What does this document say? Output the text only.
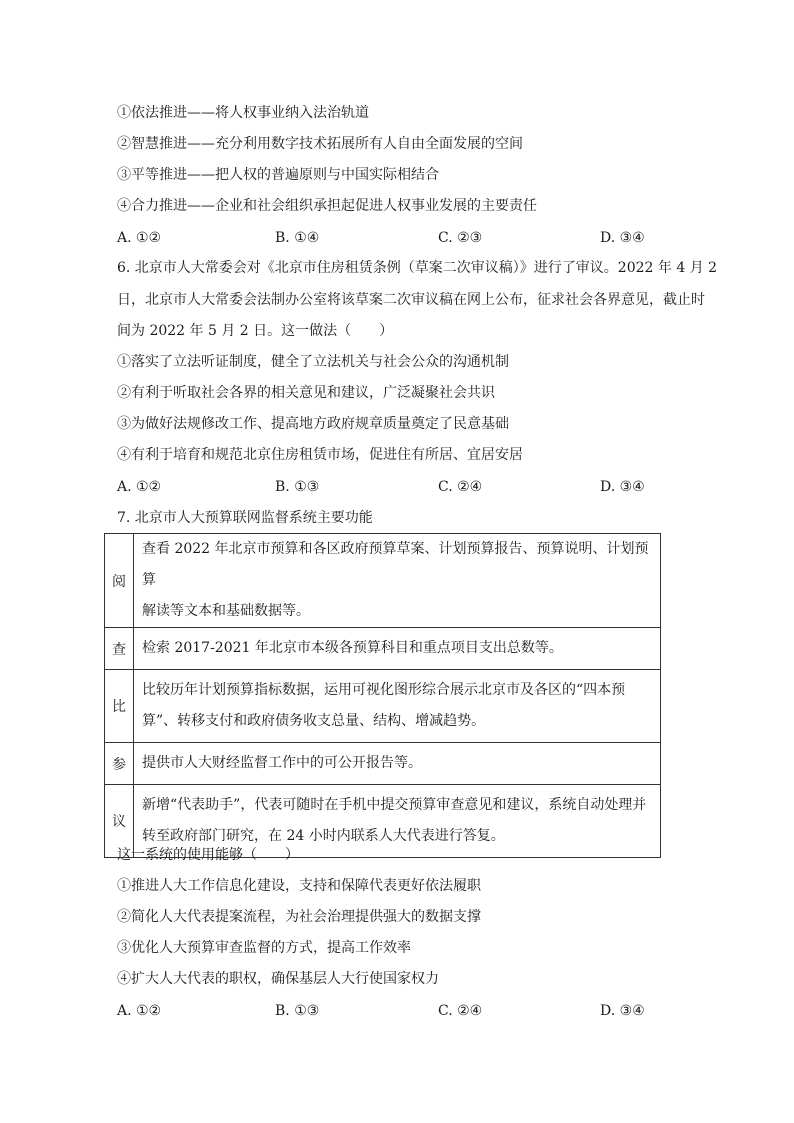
①依法推进——将人权事业纳入法治轨道
②智慧推进——充分利用数字技术拓展所有人自由全面发展的空间
③平等推进——把人权的普遍原则与中国实际相结合
④合力推进——企业和社会组织承担起促进人权事业发展的主要责任
A. ①②	B. ①④	C. ②③	D. ③④
6. 北京市人大常委会对《北京市住房租赁条例（草案二次审议稿）》进行了审议。2022 年 4 月 2
日，北京市人大常委会法制办公室将该草案二次审议稿在网上公布，征求社会各界意见，截止时
间为 2022 年 5 月 2 日。这一做法（　　）
①落实了立法听证制度，健全了立法机关与社会公众的沟通机制
②有利于听取社会各界的相关意见和建议，广泛凝聚社会共识
③为做好法规修改工作、提高地方政府规章质量奠定了民意基础
④有利于培育和规范北京住房租赁市场，促进住有所居、宜居安居
A. ①②	B. ①③	C. ②④	D. ③④
7. 北京市人大预算联网监督系统主要功能
阅	查看 2022 年北京市预算和各区政府预算草案、计划预算报告、预算说明、计划预算
解读等文本和基础数据等。

查	检索 2017-2021 年北京市本级各预算科目和重点项目支出总数等。

比	比较历年计划预算指标数据，运用可视化图形综合展示北京市及各区的“四本预
算”、转移支付和政府债务收支总量、结构、增减趋势。

参	提供市人大财经监督工作中的可公开报告等。

议	新增“代表助手”，代表可随时在手机中提交预算审查意见和建议，系统自动处理并
转至政府部门研究，在 24 小时内联系人大代表进行答复。
这一系统的使用能够（　　）
①推进人大工作信息化建设，支持和保障代表更好依法履职
②简化人大代表提案流程，为社会治理提供强大的数据支撑
③优化人大预算审查监督的方式，提高工作效率
④扩大人大代表的职权，确保基层人大行使国家权力
A. ①②	B. ①③	C. ②④	D. ③④
